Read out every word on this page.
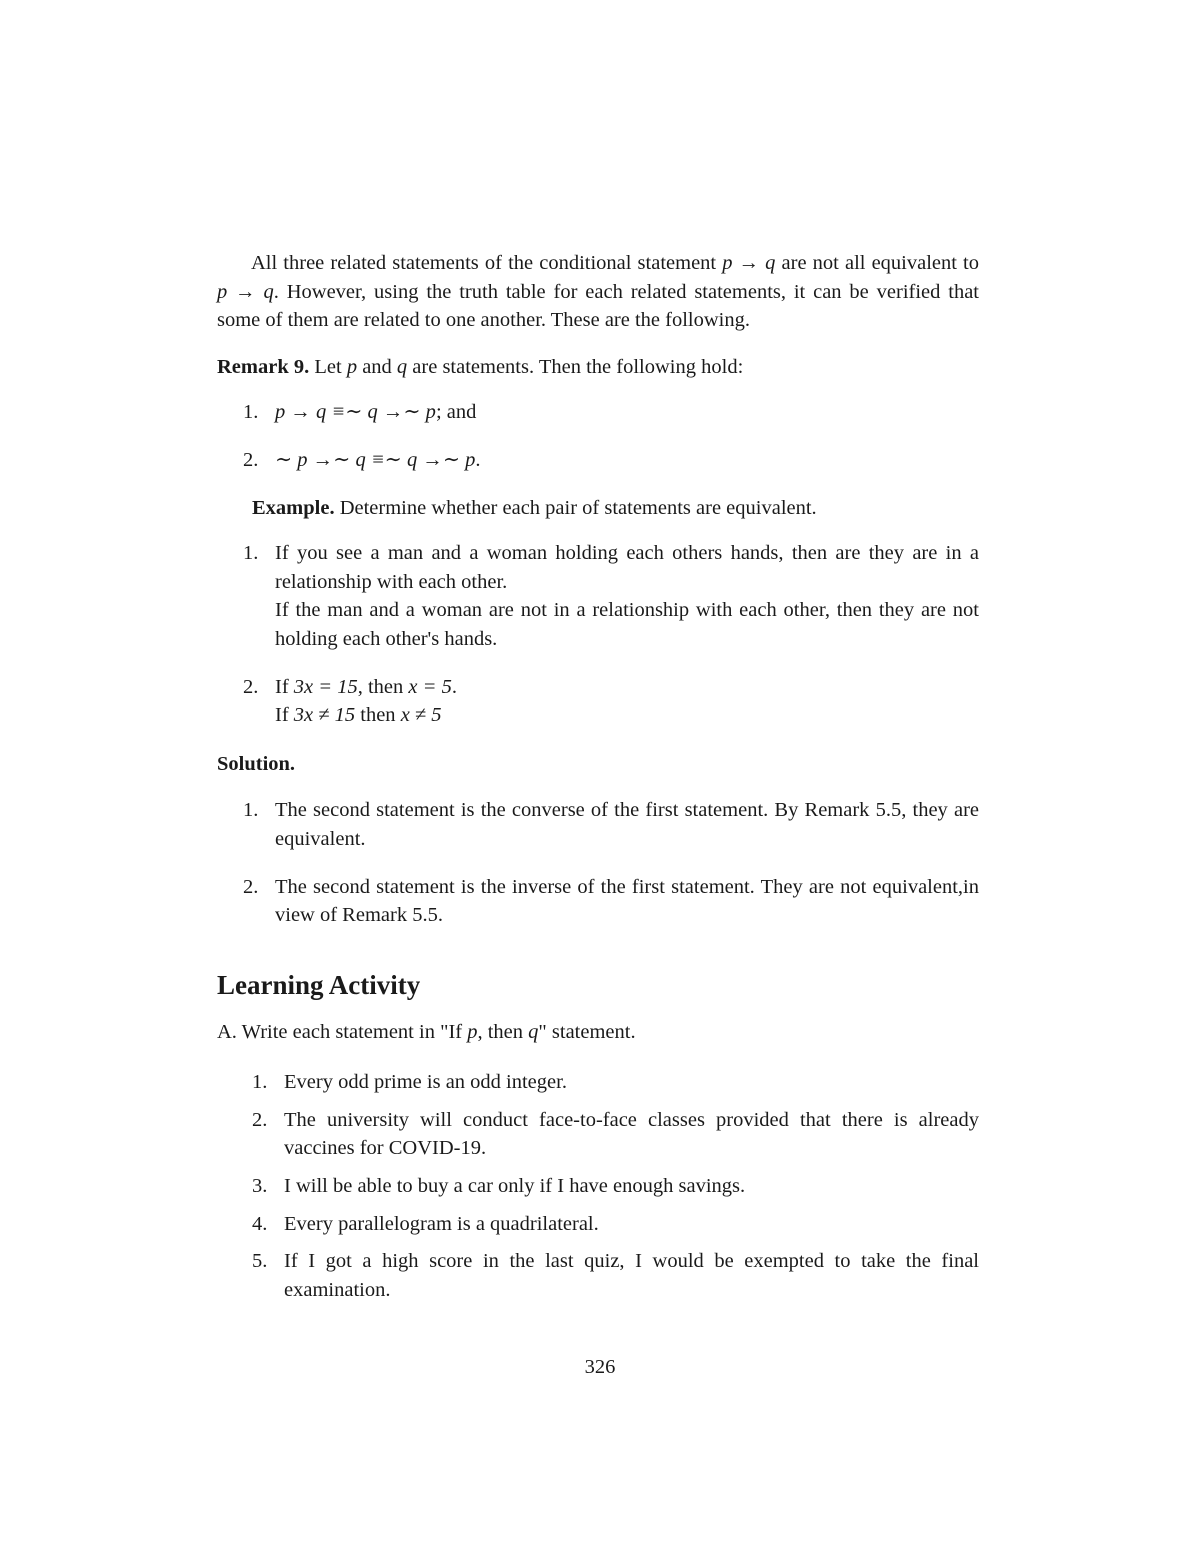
All three related statements of the conditional statement p → q are not all equivalent to p → q. However, using the truth table for each related statements, it can be verified that some of them are related to one another. These are the following.

Remark 9. Let p and q are statements. Then the following hold:

1. p → q ≡∼ q →∼ p; and
2. ∼ p →∼ q ≡∼ q →∼ p.

Example. Determine whether each pair of statements are equivalent.

1. If you see a man and a woman holding each others hands, then are they are in a relationship with each other.
If the man and a woman are not in a relationship with each other, then they are not holding each other's hands.
2. If 3x = 15, then x = 5.
If 3x ≠ 15 then x ≠ 5

Solution.

1. The second statement is the converse of the first statement. By Remark 5.5, they are equivalent.
2. The second statement is the inverse of the first statement. They are not equivalent,in view of Remark 5.5.
Learning Activity

A. Write each statement in "If p, then q" statement.

1. Every odd prime is an odd integer.
2. The university will conduct face-to-face classes provided that there is already vaccines for COVID-19.
3. I will be able to buy a car only if I have enough savings.
4. Every parallelogram is a quadrilateral.
5. If I got a high score in the last quiz, I would be exempted to take the final examination.
326
